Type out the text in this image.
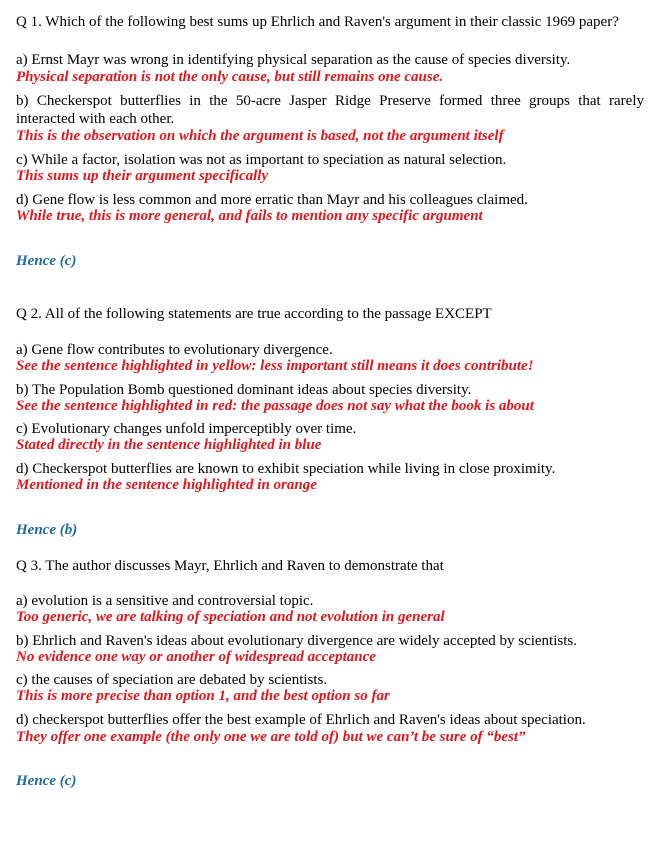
Q 1. Which of the following best sums up Ehrlich and Raven's argument in their classic 1969 paper?
a) Ernst Mayr was wrong in identifying physical separation as the cause of species diversity.
Physical separation is not the only cause, but still remains one cause.
b) Checkerspot butterflies in the 50-acre Jasper Ridge Preserve formed three groups that rarely interacted with each other.
This is the observation on which the argument is based, not the argument itself
c) While a factor, isolation was not as important to speciation as natural selection.
This sums up their argument specifically
d) Gene flow is less common and more erratic than Mayr and his colleagues claimed.
While true, this is more general, and fails to mention any specific argument
Hence (c)
Q 2. All of the following statements are true according to the passage EXCEPT
a) Gene flow contributes to evolutionary divergence.
See the sentence highlighted in yellow: less important still means it does contribute!
b) The Population Bomb questioned dominant ideas about species diversity.
See the sentence highlighted in red: the passage does not say what the book is about
c) Evolutionary changes unfold imperceptibly over time.
Stated directly in the sentence highlighted in blue
d) Checkerspot butterflies are known to exhibit speciation while living in close proximity.
Mentioned in the sentence highlighted in orange
Hence (b)
Q 3. The author discusses Mayr, Ehrlich and Raven to demonstrate that
a) evolution is a sensitive and controversial topic.
Too generic, we are talking of speciation and not evolution in general
b) Ehrlich and Raven's ideas about evolutionary divergence are widely accepted by scientists.
No evidence one way or another of widespread acceptance
c) the causes of speciation are debated by scientists.
This is more precise than option 1, and the best option so far
d) checkerspot butterflies offer the best example of Ehrlich and Raven's ideas about speciation.
They offer one example (the only one we are told of) but we can’t be sure of “best”
Hence (c)
